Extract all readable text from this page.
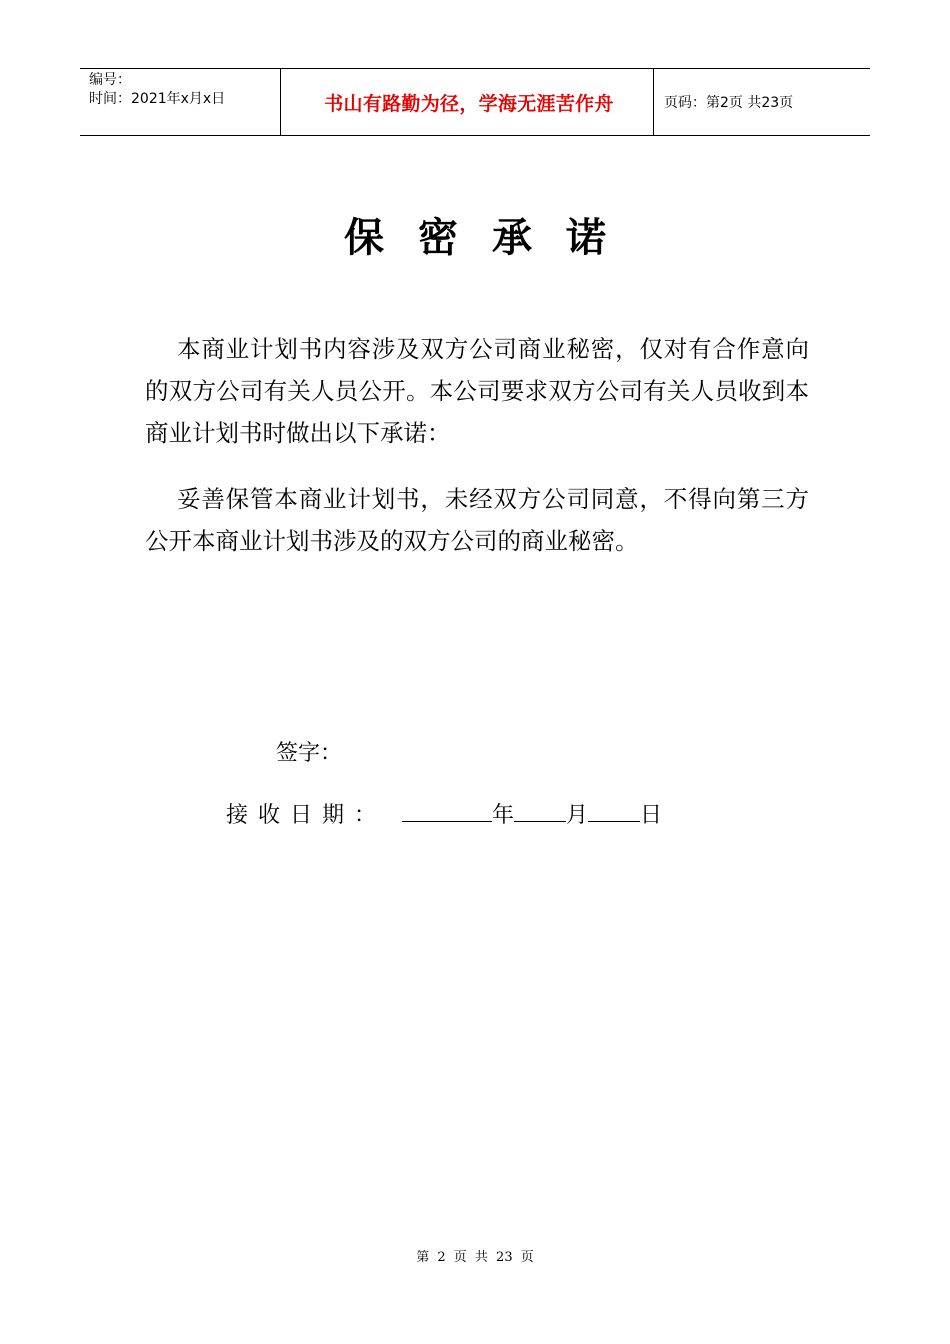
编号：
时间：2021年x月x日	书山有路勤为径，学海无涯苦作舟	页码：第2页 共23页
保密承诺
本商业计划书内容涉及双方公司商业秘密，仅对有合作意向的双方公司有关人员公开。本公司要求双方公司有关人员收到本商业计划书时做出以下承诺：
妥善保管本商业计划书，未经双方公司同意，不得向第三方公开本商业计划书涉及的双方公司的商业秘密。
签字：
接收日期：	年 月 日
第 2 页 共 23 页
